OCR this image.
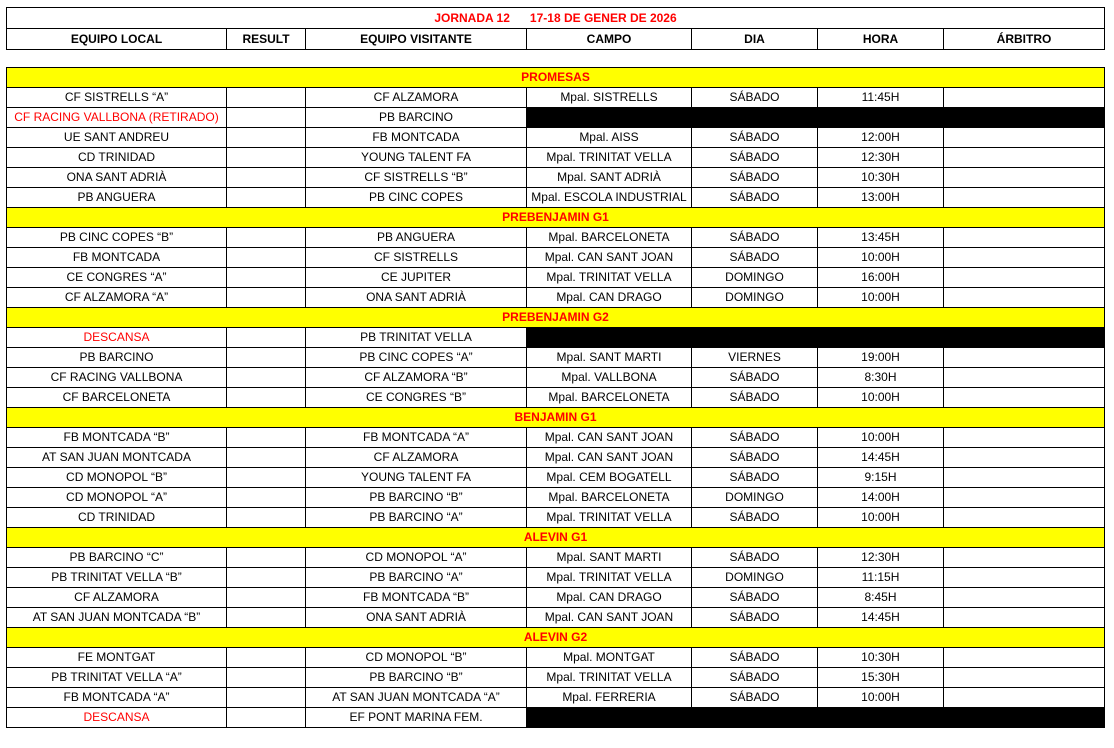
JORNADA 12 17-18 DE GENER DE 2026
EQUIPO LOCAL	RESULT	EQUIPO VISITANTE	CAMPO	DIA	HORA	ÁRBITRO
PROMESAS						
CF SISTRELLS “A”		CF ALZAMORA	Mpal. SISTRELLS	SÁBADO	11:45H	
CF RACING VALLBONA (RETIRADO)		PB BARCINO				
UE SANT ANDREU		FB MONTCADA	Mpal. AISS	SÁBADO	12:00H	
CD TRINIDAD		YOUNG TALENT FA	Mpal. TRINITAT VELLA	SÁBADO	12:30H	
ONA SANT ADRIÀ		CF SISTRELLS “B”	Mpal. SANT ADRIÀ	SÁBADO	10:30H	
PB ANGUERA		PB CINC COPES	Mpal. ESCOLA INDUSTRIAL	SÁBADO	13:00H	
PREBENJAMIN G1						
PB CINC COPES “B”		PB ANGUERA	Mpal. BARCELONETA	SÁBADO	13:45H	
FB MONTCADA		CF SISTRELLS	Mpal. CAN SANT JOAN	SÁBADO	10:00H	
CE CONGRES “A”		CE JUPITER	Mpal. TRINITAT VELLA	DOMINGO	16:00H	
CF ALZAMORA “A”		ONA SANT ADRIÀ	Mpal. CAN DRAGO	DOMINGO	10:00H	
PREBENJAMIN G2						
DESCANSA		PB TRINITAT VELLA				
PB BARCINO		PB CINC COPES “A”	Mpal. SANT MARTI	VIERNES	19:00H	
CF RACING VALLBONA		CF ALZAMORA “B”	Mpal. VALLBONA	SÁBADO	8:30H	
CF BARCELONETA		CE CONGRES “B”	Mpal. BARCELONETA	SÁBADO	10:00H	
BENJAMIN G1						
FB MONTCADA “B”		FB MONTCADA “A”	Mpal. CAN SANT JOAN	SÁBADO	10:00H	
AT SAN JUAN MONTCADA		CF ALZAMORA	Mpal. CAN SANT JOAN	SÁBADO	14:45H	
CD MONOPOL “B”		YOUNG TALENT FA	Mpal. CEM BOGATELL	SÁBADO	9:15H	
CD MONOPOL “A”		PB BARCINO “B”	Mpal. BARCELONETA	DOMINGO	14:00H	
CD TRINIDAD		PB BARCINO “A”	Mpal. TRINITAT VELLA	SÁBADO	10:00H	
ALEVIN G1						
PB BARCINO “C”		CD MONOPOL “A”	Mpal. SANT MARTI	SÁBADO	12:30H	
PB TRINITAT VELLA “B”		PB BARCINO “A”	Mpal. TRINITAT VELLA	DOMINGO	11:15H	
CF ALZAMORA		FB MONTCADA “B”	Mpal. CAN DRAGO	SÁBADO	8:45H	
AT SAN JUAN MONTCADA “B”		ONA SANT ADRIÀ	Mpal. CAN SANT JOAN	SÁBADO	14:45H	
ALEVIN G2						
FE MONTGAT		CD MONOPOL “B”	Mpal. MONTGAT	SÁBADO	10:30H	
PB TRINITAT VELLA “A”		PB BARCINO “B”	Mpal. TRINITAT VELLA	SÁBADO	15:30H	
FB MONTCADA “A”		AT SAN JUAN MONTCADA “A”	Mpal. FERRERIA	SÁBADO	10:00H	
DESCANSA		EF PONT MARINA FEM.				
